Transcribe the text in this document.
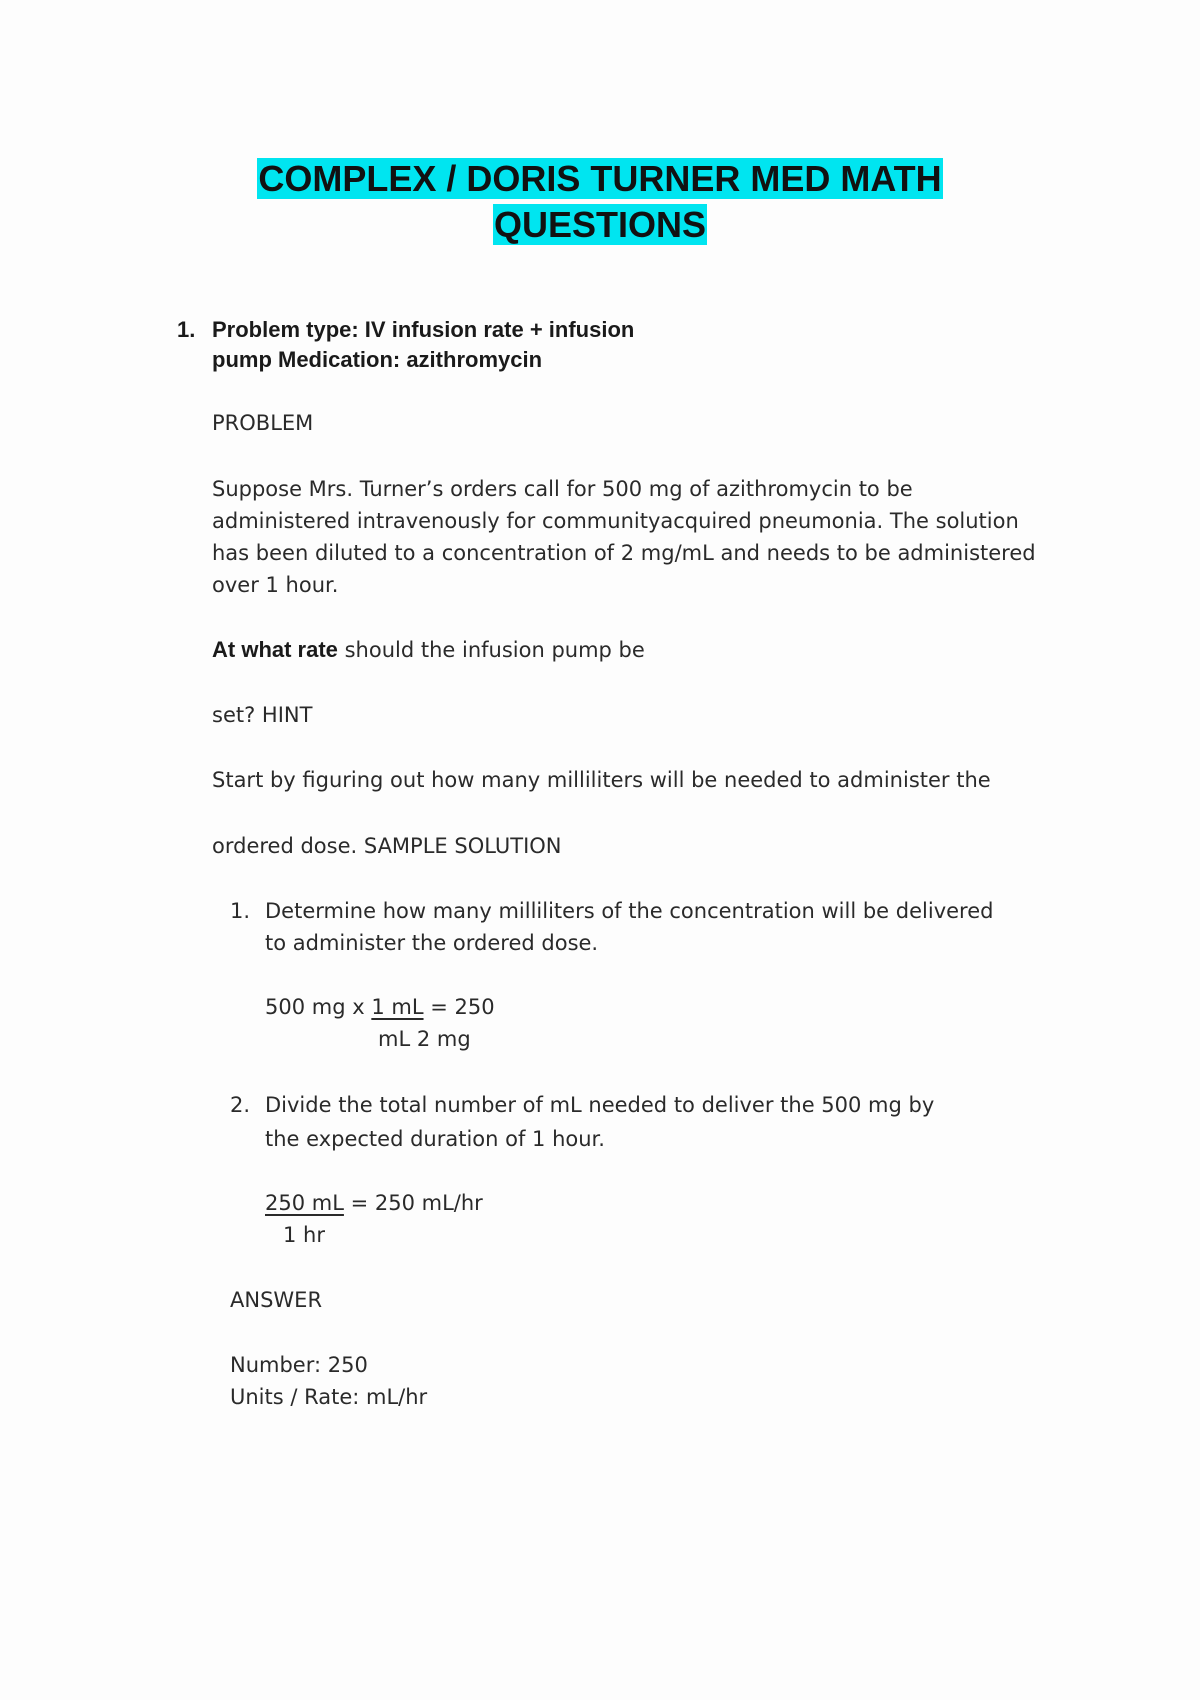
COMPLEX / DORIS TURNER MED MATH
QUESTIONS
1. Problem type: IV infusion rate + infusion
pump Medication: azithromycin
PROBLEM
Suppose Mrs. Turner’s orders call for 500 mg of azithromycin to be
administered intravenously for communityacquired pneumonia. The solution
has been diluted to a concentration of 2 mg/mL and needs to be administered
over 1 hour.
At what rate should the infusion pump be
set? HINT
Start by figuring out how many milliliters will be needed to administer the
ordered dose. SAMPLE SOLUTION
1. Determine how many milliliters of the concentration will be delivered
to administer the ordered dose.
500 mg x 1 mL = 250
mL 2 mg
2. Divide the total number of mL needed to deliver the 500 mg by
the expected duration of 1 hour.
250 mL = 250 mL/hr
1 hr
ANSWER
Number: 250
Units / Rate: mL/hr
